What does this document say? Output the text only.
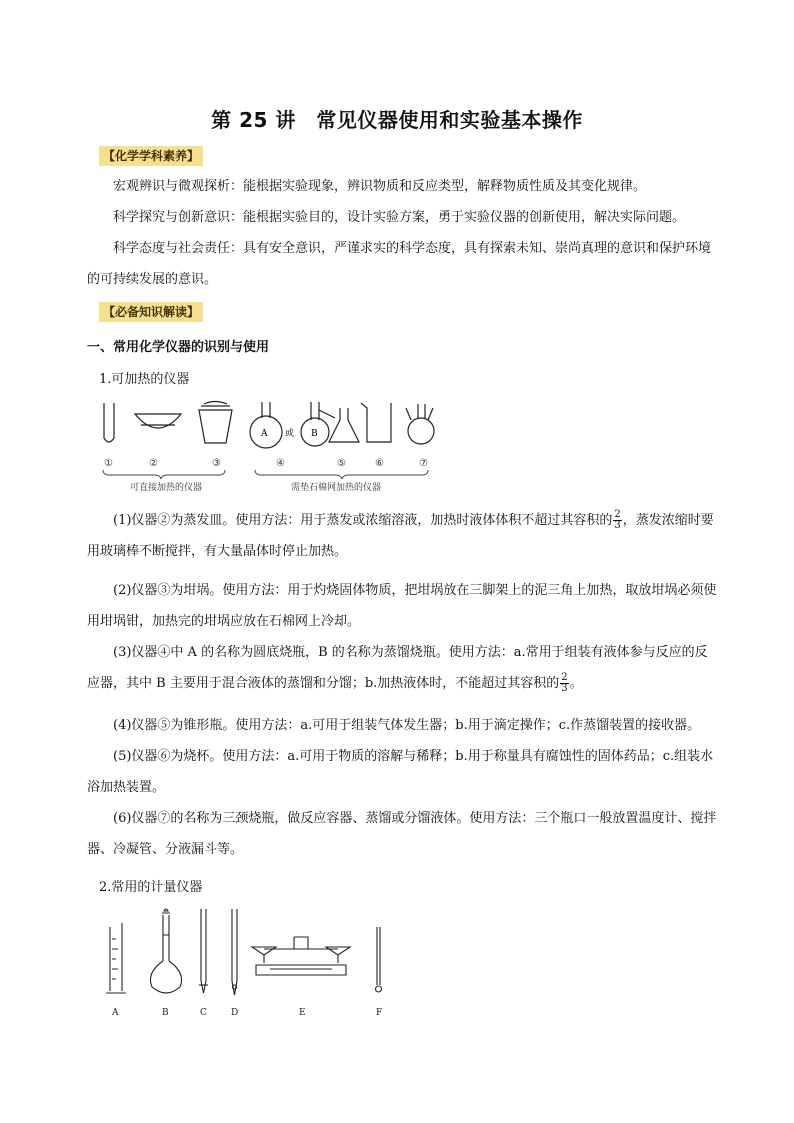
第 25 讲　常见仪器使用和实验基本操作
【化学学科素养】
宏观辨识与微观探析：能根据实验现象，辨识物质和反应类型，解释物质性质及其变化规律。
科学探究与创新意识：能根据实验目的，设计实验方案，勇于实验仪器的创新使用，解决实际问题。
科学态度与社会责任：具有安全意识，严谨求实的科学态度，具有探索未知、崇尚真理的意识和保护环境的可持续发展的意识。
【必备知识解读】
一、常用化学仪器的识别与使用
1.可加热的仪器
A 或 B
①	②	③	④	⑤	⑥	⑦
可直接加热的仪器	需垫石棉网加热的仪器
(1)仪器②为蒸发皿。使用方法：用于蒸发或浓缩溶液，加热时液体体积不超过其容积的 $\frac{2}{3}$ ，蒸发浓缩时要用玻璃棒不断搅拌，有大量晶体时停止加热。
(2)仪器③为坩埚。使用方法：用于灼烧固体物质，把坩埚放在三脚架上的泥三角上加热，取放坩埚必须使用坩埚钳，加热完的坩埚应放在石棉网上冷却。
(3)仪器④中 A 的名称为圆底烧瓶，B 的名称为蒸馏烧瓶。使用方法：a.常用于组装有液体参与反应的反应器，其中 B 主要用于混合液体的蒸馏和分馏；b.加热液体时，不能超过其容积的 $\frac{2}{3}$ 。
(4)仪器⑤为锥形瓶。使用方法：a.可用于组装气体发生器；b.用于滴定操作；c.作蒸馏装置的接收器。
(5)仪器⑥为烧杯。使用方法：a.可用于物质的溶解与稀释；b.用于称量具有腐蚀性的固体药品；c.组装水浴加热装置。
(6)仪器⑦的名称为三颈烧瓶，做反应容器、蒸馏或分馏液体。使用方法：三个瓶口一般放置温度计、搅拌器、冷凝管、分液漏斗等。
2.常用的计量仪器
A	B	C	D	E	F
